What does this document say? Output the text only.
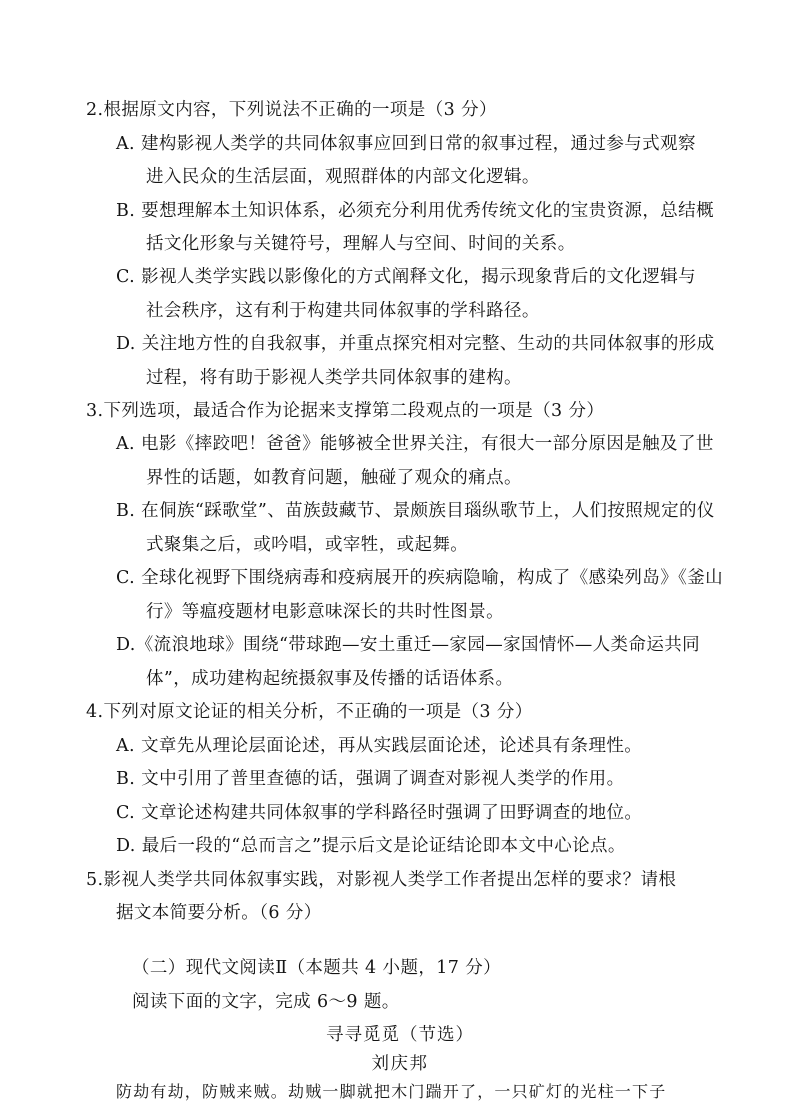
2.根据原文内容，下列说法不正确的一项是（3 分）
A. 建构影视人类学的共同体叙事应回到日常的叙事过程，通过参与式观察
进入民众的生活层面，观照群体的内部文化逻辑。
B. 要想理解本土知识体系，必须充分利用优秀传统文化的宝贵资源，总结概
括文化形象与关键符号，理解人与空间、时间的关系。
C. 影视人类学实践以影像化的方式阐释文化，揭示现象背后的文化逻辑与
社会秩序，这有利于构建共同体叙事的学科路径。
D. 关注地方性的自我叙事，并重点探究相对完整、生动的共同体叙事的形成
过程，将有助于影视人类学共同体叙事的建构。
3.下列选项，最适合作为论据来支撑第二段观点的一项是（3 分）
A. 电影《摔跤吧！爸爸》能够被全世界关注，有很大一部分原因是触及了世
界性的话题，如教育问题，触碰了观众的痛点。
B. 在侗族“踩歌堂”、苗族鼓藏节、景颇族目瑙纵歌节上，人们按照规定的仪
式聚集之后，或吟唱，或宰牲，或起舞。
C. 全球化视野下围绕病毒和疫病展开的疾病隐喻，构成了《感染列岛》《釜山
行》等瘟疫题材电影意味深长的共时性图景。
D.《流浪地球》围绕“带球跑—安土重迁—家园—家国情怀—人类命运共同
体”，成功建构起统摄叙事及传播的话语体系。
4.下列对原文论证的相关分析，不正确的一项是（3 分）
A. 文章先从理论层面论述，再从实践层面论述，论述具有条理性。
B. 文中引用了普里查德的话，强调了调查对影视人类学的作用。
C. 文章论述构建共同体叙事的学科路径时强调了田野调查的地位。
D. 最后一段的“总而言之”提示后文是论证结论即本文中心论点。
5.影视人类学共同体叙事实践，对影视人类学工作者提出怎样的要求？请根
据文本简要分析。（6 分）
（二）现代文阅读Ⅱ（本题共 4 小题，17 分）
阅读下面的文字，完成 6～9 题。
寻寻觅觅（节选）
刘庆邦
防劫有劫，防贼来贼。劫贼一脚就把木门踹开了，一只矿灯的光柱一下子
